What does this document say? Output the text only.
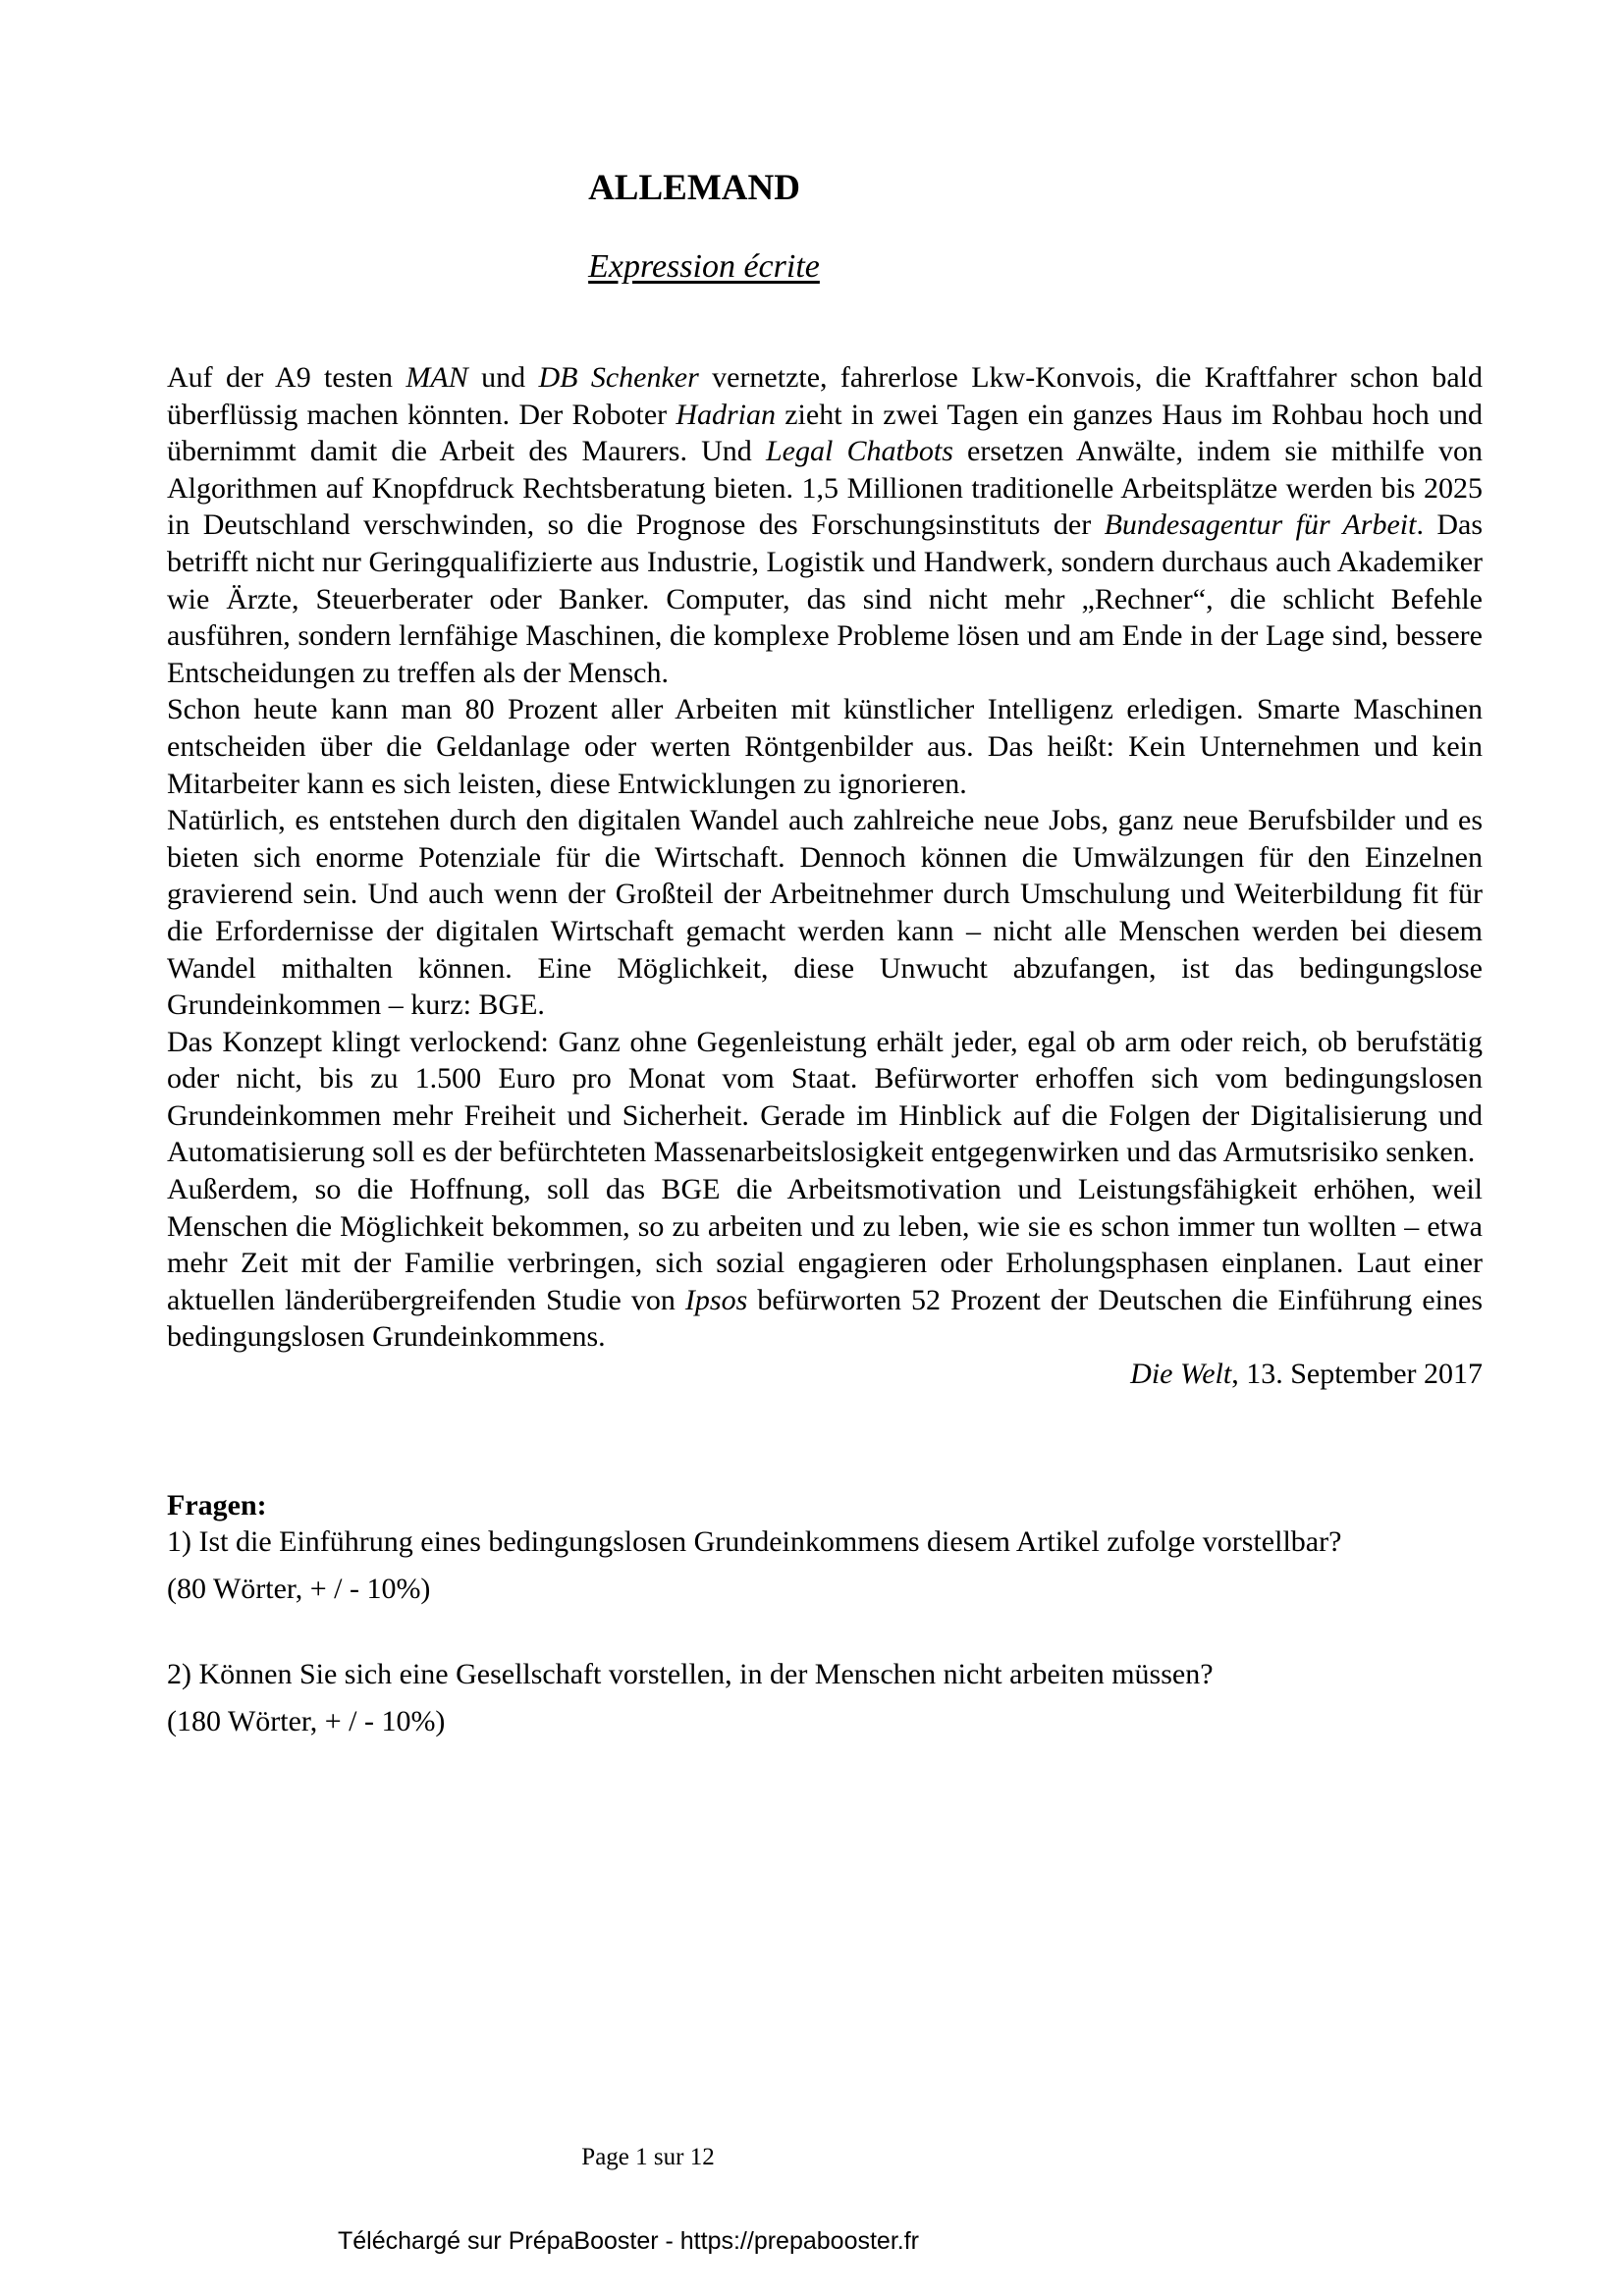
ALLEMAND
Expression écrite

Auf der A9 testen MAN und DB Schenker vernetzte, fahrerlose Lkw-Konvois, die Kraftfahrer schon bald überflüssig machen könnten. Der Roboter Hadrian zieht in zwei Tagen ein ganzes Haus im Rohbau hoch und übernimmt damit die Arbeit des Maurers. Und Legal Chatbots ersetzen Anwälte, indem sie mithilfe von Algorithmen auf Knopfdruck Rechtsberatung bieten. 1,5 Millionen traditionelle Arbeitsplätze werden bis 2025 in Deutschland verschwinden, so die Prognose des Forschungsinstituts der Bundesagentur für Arbeit. Das betrifft nicht nur Geringqualifizierte aus Industrie, Logistik und Handwerk, sondern durchaus auch Akademiker wie Ärzte, Steuerberater oder Banker. Computer, das sind nicht mehr „Rechner“, die schlicht Befehle ausführen, sondern lernfähige Maschinen, die komplexe Probleme lösen und am Ende in der Lage sind, bessere Entscheidungen zu treffen als der Mensch.

Schon heute kann man 80 Prozent aller Arbeiten mit künstlicher Intelligenz erledigen. Smarte Maschinen entscheiden über die Geldanlage oder werten Röntgenbilder aus. Das heißt: Kein Unternehmen und kein Mitarbeiter kann es sich leisten, diese Entwicklungen zu ignorieren.

Natürlich, es entstehen durch den digitalen Wandel auch zahlreiche neue Jobs, ganz neue Berufsbilder und es bieten sich enorme Potenziale für die Wirtschaft. Dennoch können die Umwälzungen für den Einzelnen gravierend sein. Und auch wenn der Großteil der Arbeitnehmer durch Umschulung und Weiterbildung fit für die Erfordernisse der digitalen Wirtschaft gemacht werden kann – nicht alle Menschen werden bei diesem Wandel mithalten können. Eine Möglichkeit, diese Unwucht abzufangen, ist das bedingungslose Grundeinkommen – kurz: BGE.

Das Konzept klingt verlockend: Ganz ohne Gegenleistung erhält jeder, egal ob arm oder reich, ob berufstätig oder nicht, bis zu 1.500 Euro pro Monat vom Staat. Befürworter erhoffen sich vom bedingungslosen Grundeinkommen mehr Freiheit und Sicherheit. Gerade im Hinblick auf die Folgen der Digitalisierung und Automatisierung soll es der befürchteten Massenarbeitslosigkeit entgegenwirken und das Armutsrisiko senken.

Außerdem, so die Hoffnung, soll das BGE die Arbeitsmotivation und Leistungsfähigkeit erhöhen, weil Menschen die Möglichkeit bekommen, so zu arbeiten und zu leben, wie sie es schon immer tun wollten – etwa mehr Zeit mit der Familie verbringen, sich sozial engagieren oder Erholungsphasen einplanen. Laut einer aktuellen länderübergreifenden Studie von Ipsos befürworten 52 Prozent der Deutschen die Einführung eines bedingungslosen Grundeinkommens.

Die Welt, 13. September 2017

Fragen:

1) Ist die Einführung eines bedingungslosen Grundeinkommens diesem Artikel zufolge vorstellbar?

(80 Wörter, + / - 10%)

2) Können Sie sich eine Gesellschaft vorstellen, in der Menschen nicht arbeiten müssen?

(180 Wörter, + / - 10%)

Page 1 sur 12
Téléchargé sur PrépaBooster - https://prepabooster.fr
